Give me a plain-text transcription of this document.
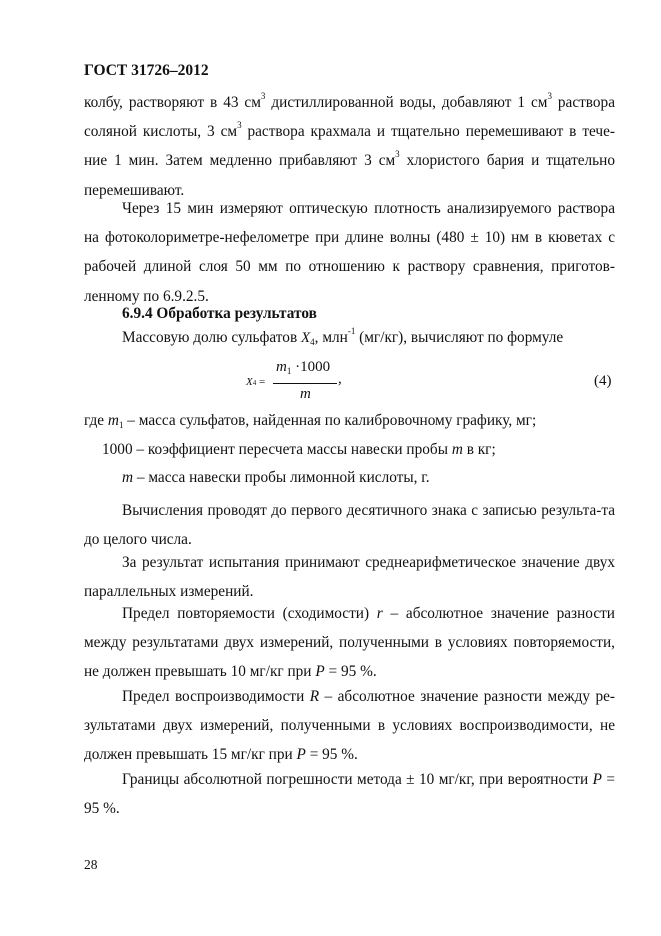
ГОСТ 31726–2012

колбу, растворяют в 43 $см^3$ дистиллированной воды, добавляют 1 $см^3$ раствора соляной кислоты, 3 $см^3$ раствора крахмала и тщательно перемешивают в тече-ние 1 мин. Затем медленно прибавляют 3 $см^3$ хлористого бария и тщательно перемешивают.

Через 15 мин измеряют оптическую плотность анализируемого раствора на фотоколориметре-нефелометре при длине волны (480 ± 10) нм в кюветах с рабочей длиной слоя 50 мм по отношению к раствору сравнения, приготов-ленному по 6.9.2.5.

6.9.4 Обработка результатов
Массовую долю сульфатов $X_4$, млн$^{-1}$ (мг/кг), вычисляют по формуле
X4 =
$m_1 \cdot 1000$
m
,	(4)
где $m_1$ – масса сульфатов, найденная по калибровочному графику, мг;
1000 – коэффициент пересчета массы навески пробы m в кг;
m – масса навески пробы лимонной кислоты, г.

Вычисления проводят до первого десятичного знака с записью результа-та до целого числа.

За результат испытания принимают среднеарифметическое значение двух параллельных измерений.

Предел повторяемости (сходимости) r – абсолютное значение разности между результатами двух измерений, полученными в условиях повторяемости, не должен превышать 10 мг/кг при P = 95 %.

Предел воспроизводимости R – абсолютное значение разности между ре-зультатами двух измерений, полученными в условиях воспроизводимости, не должен превышать 15 мг/кг при P = 95 %.

Границы абсолютной погрешности метода ± 10 мг/кг, при вероятности P = 95 %.

28
